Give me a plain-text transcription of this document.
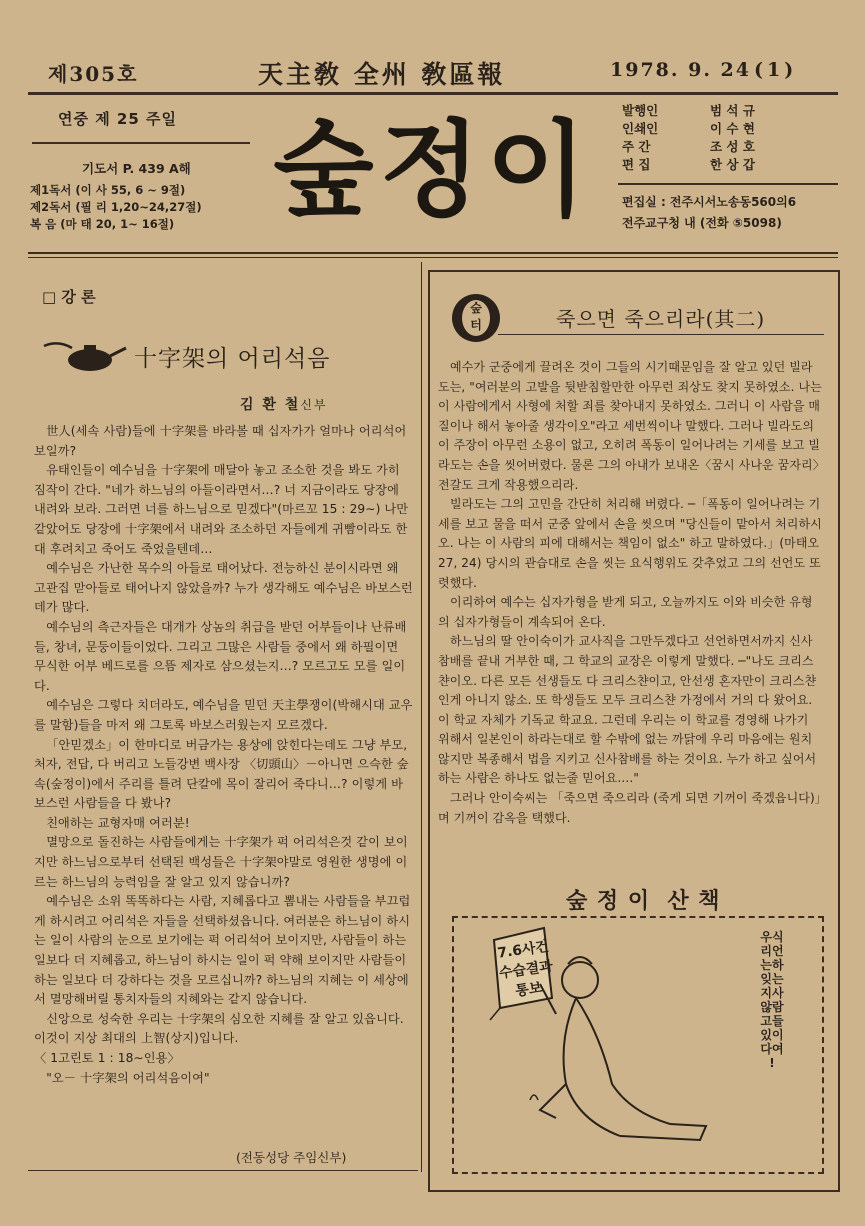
제305호	天主敎 全州 敎區報	1978. 9. 24 (1)
연중 제 25 주일
기도서 P. 439 A해
제1독서 (이 사 55, 6 ∼ 9절)
제2독서 (필 리 1,20∼24,27절)
복 음 (마 태 20, 1∼ 16절) 숲정이	발행인	범 석 규
인쇄인	이 수 현
주 간	조 성 호
편 집	한 상 갑
편집실 : 전주시서노송동560의6
전주교구청 내 (전화 ⑤5098)
□ 강 론
十字架의 어리석음
김 환 철신부

世人(세속 사람)들에 十字架를 바라볼 때 십자가가 얼마나 어리석어 보일까?

유태인들이 예수님을 十字架에 매달아 놓고 조소한 것을 봐도 가히 짐작이 간다. "네가 하느님의 아들이라면서…? 너 지금이라도 당장에 내려와 보라. 그러면 너를 하느님으로 믿겠다"(마르꼬 15 : 29∼) 나만 같았어도 당장에 十字架에서 내려와 조소하던 자들에게 귀빰이라도 한대 후려치고 죽어도 죽었을텐데…

예수님은 가난한 목수의 아들로 태어났다. 전능하신 분이시라면 왜 고관집 맏아들로 태어나지 않았을까? 누가 생각해도 예수님은 바보스런데가 많다.

예수님의 측근자들은 대개가 상놈의 취급을 받던 어부들이나 난류배들, 창녀, 문둥이들이었다. 그리고 그많은 사람들 중에서 왜 하필이면 무식한 어부 베드로를 으뜸 제자로 삼으셨는지…? 모르고도 모를 일이다.

예수님은 그렇다 치더라도, 예수님을 믿던 天主學쟁이(박해시대 교우를 말함)들을 마저 왜 그토록 바보스러웠는지 모르겠다.

「안믿겠소」이 한마디로 버금가는 용상에 앉힌다는데도 그냥 부모, 처자, 전답, 다 버리고 노들강변 백사장 〈切頭山〉－아니면 으슥한 숲속(숲정이)에서 주리를 틀려 단칼에 목이 잘리어 죽다니…? 이렇게 바보스런 사람들을 다 봤나?

친애하는 교형자매 여러분!

멸망으로 돌진하는 사람들에게는 十字架가 퍽 어리석은것 같이 보이지만 하느님으로부터 선택된 백성들은 十字架야말로 영원한 생명에 이르는 하느님의 능력임을 잘 알고 있지 않습니까?

예수님은 소위 똑똑하다는 사람, 지혜롭다고 뽐내는 사람들을 부끄럽게 하시려고 어리석은 자들을 선택하셨읍니다. 여러분은 하느님이 하시는 일이 사람의 눈으로 보기에는 퍽 어리석어 보이지만, 사람들이 하는 일보다 더 지혜롭고, 하느님이 하시는 일이 퍽 약해 보이지만 사람들이 하는 일보다 더 강하다는 것을 모르십니까? 하느님의 지혜는 이 세상에서 멸망해버릴 통치자들의 지혜와는 같지 않습니다.

신앙으로 성숙한 우리는 十字架의 심오한 지혜를 잘 알고 있읍니다. 이것이 지상 최대의 上智(상지)입니다.

〈 1고린토 1 : 18∼인용〉

"오－ 十字架의 어리석음이여"

(전동성당 주임신부)
숲
터	죽으면 죽으리라(其二)

예수가 군중에게 끌려온 것이 그들의 시기때문임을 잘 알고 있던 빌라도는, "여러분의 고발을 뒷받침할만한 아무런 죄상도 찾지 못하였소. 나는 이 사람에게서 사형에 처할 죄를 찾아내지 못하였소. 그러니 이 사람을 매질이나 해서 놓아줄 생각이오"라고 세번씩이나 말했다. 그러나 빌라도의 이 주장이 아무런 소용이 없고, 오히려 폭동이 일어나려는 기세를 보고 빌라도는 손을 씻어버렸다. 물론 그의 아내가 보내온〈꿈시 사나운 꿈자리〉전갈도 크게 작용했으리라.

빌라도는 그의 고민을 간단히 처리해 버렸다. ─「폭동이 일어나려는 기세를 보고 물을 떠서 군중 앞에서 손을 씻으며 "당신들이 맡아서 처리하시오. 나는 이 사람의 피에 대해서는 책임이 없소" 하고 말하였다.」(마태오 27, 24) 당시의 관습대로 손을 씻는 요식행위도 갖추었고 그의 선언도 또렷했다.

이리하여 예수는 십자가형을 받게 되고, 오늘까지도 이와 비슷한 유형의 십자가형들이 계속되어 온다.

하느님의 딸 안이숙이가 교사직을 그만두겠다고 선언하면서까지 신사참배를 끝내 거부한 때, 그 학교의 교장은 이렇게 말했다. ─"나도 크리스챤이오. 다른 모든 선생들도 다 크리스챤이고, 안선생 혼자만이 크리스챤인게 아니지 않소. 또 학생들도 모두 크리스챤 가정에서 거의 다 왔어요. 이 학교 자체가 기독교 학교요. 그런데 우리는 이 학교를 경영해 나가기 위해서 일본인이 하라는대로 할 수밖에 없는 까닭에 우리 마음에는 원치 않지만 복종해서 법을 지키고 신사참배를 하는 것이요. 누가 하고 싶어서 하는 사람은 하나도 없는줄 믿어요.…"

그러나 안이숙씨는 「죽으면 죽으리라 (죽게 되면 기꺼이 죽겠읍니다)」며 기꺼이 감옥을 택했다.

숲 정 이  산 책
7.6사건
수습결과
통보
우식
리언
는하
잊는
지사
않람
고들
있이
다여
!
